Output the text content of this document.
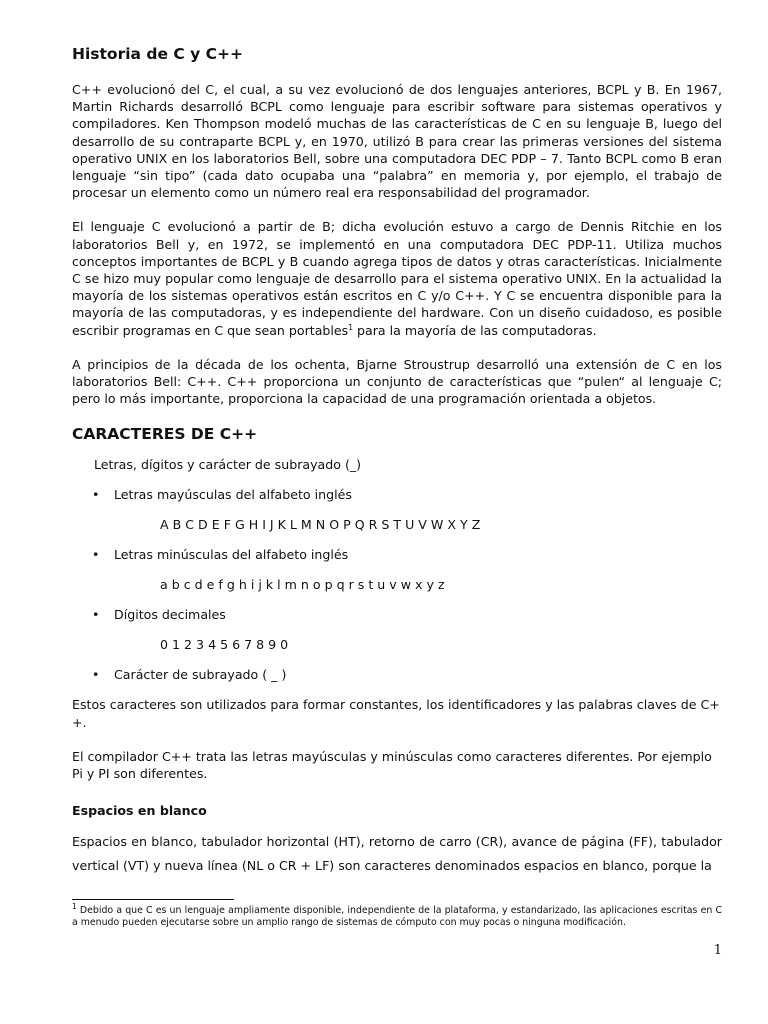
Historia de C y C++

C++ evolucionó del C, el cual, a su vez evolucionó de dos lenguajes anteriores, BCPL y B. En 1967, Martin Richards desarrolló BCPL como lenguaje para escribir software para sistemas operativos y compiladores. Ken Thompson modeló muchas de las características de C en su lenguaje B, luego del desarrollo de su contraparte BCPL y, en 1970, utilizó B para crear las primeras versiones del sistema operativo UNIX en los laboratorios Bell, sobre una computadora DEC PDP – 7. Tanto BCPL como B eran lenguaje “sin tipo” (cada dato ocupaba una “palabra” en memoria y, por ejemplo, el trabajo de procesar un elemento como un número real era responsabilidad del programador.

El lenguaje C evolucionó a partir de B; dicha evolución estuvo a cargo de Dennis Ritchie en los laboratorios Bell y, en 1972, se implementó en una computadora DEC PDP-11. Utiliza muchos conceptos importantes de BCPL y B cuando agrega tipos de datos y otras características. Inicialmente C se hizo muy popular como lenguaje de desarrollo para el sistema operativo UNIX. En la actualidad la mayoría de los sistemas operativos están escritos en C y/o C++. Y C se encuentra disponible para la mayoría de las computadoras, y es independiente del hardware. Con un diseño cuidadoso, es posible escribir programas en C que sean portables$^1$ para la mayoría de las computadoras.

A principios de la década de los ochenta, Bjarne Stroustrup desarrolló una extensión de C en los laboratorios Bell: C++. C++ proporciona un conjunto de características que “pulen“ al lenguaje C; pero lo más importante, proporciona la capacidad de una programación orientada a objetos.

CARACTERES DE C++
Letras, dígitos y carácter de subrayado (_)
•	Letras mayúsculas del alfabeto inglés
A B C D E F G H I J K L M N O P Q R S T U V W X Y Z
•	Letras minúsculas del alfabeto inglés
a b c d e f g h i j k l m n o p q r s t u v w x y z
•	Dígitos decimales
0 1 2 3 4 5 6 7 8 9 0
•	Carácter de subrayado ( _ )

Estos caracteres son utilizados para formar constantes, los identificadores y las palabras claves de C+ +.

El compilador C++ trata las letras mayúsculas y minúsculas como caracteres diferentes. Por ejemplo Pi y PI son diferentes.

Espacios en blanco

Espacios en blanco, tabulador horizontal (HT), retorno de carro (CR), avance de página (FF), tabulador vertical (VT) y nueva línea (NL o CR + LF) son caracteres denominados espacios en blanco, porque la

$^1$ Debido a que C es un lenguaje ampliamente disponible, independiente de la plataforma, y estandarizado, las aplicaciones escritas en C a menudo pueden ejecutarse sobre un amplio rango de sistemas de cómputo con muy pocas o ninguna modificación.
1
